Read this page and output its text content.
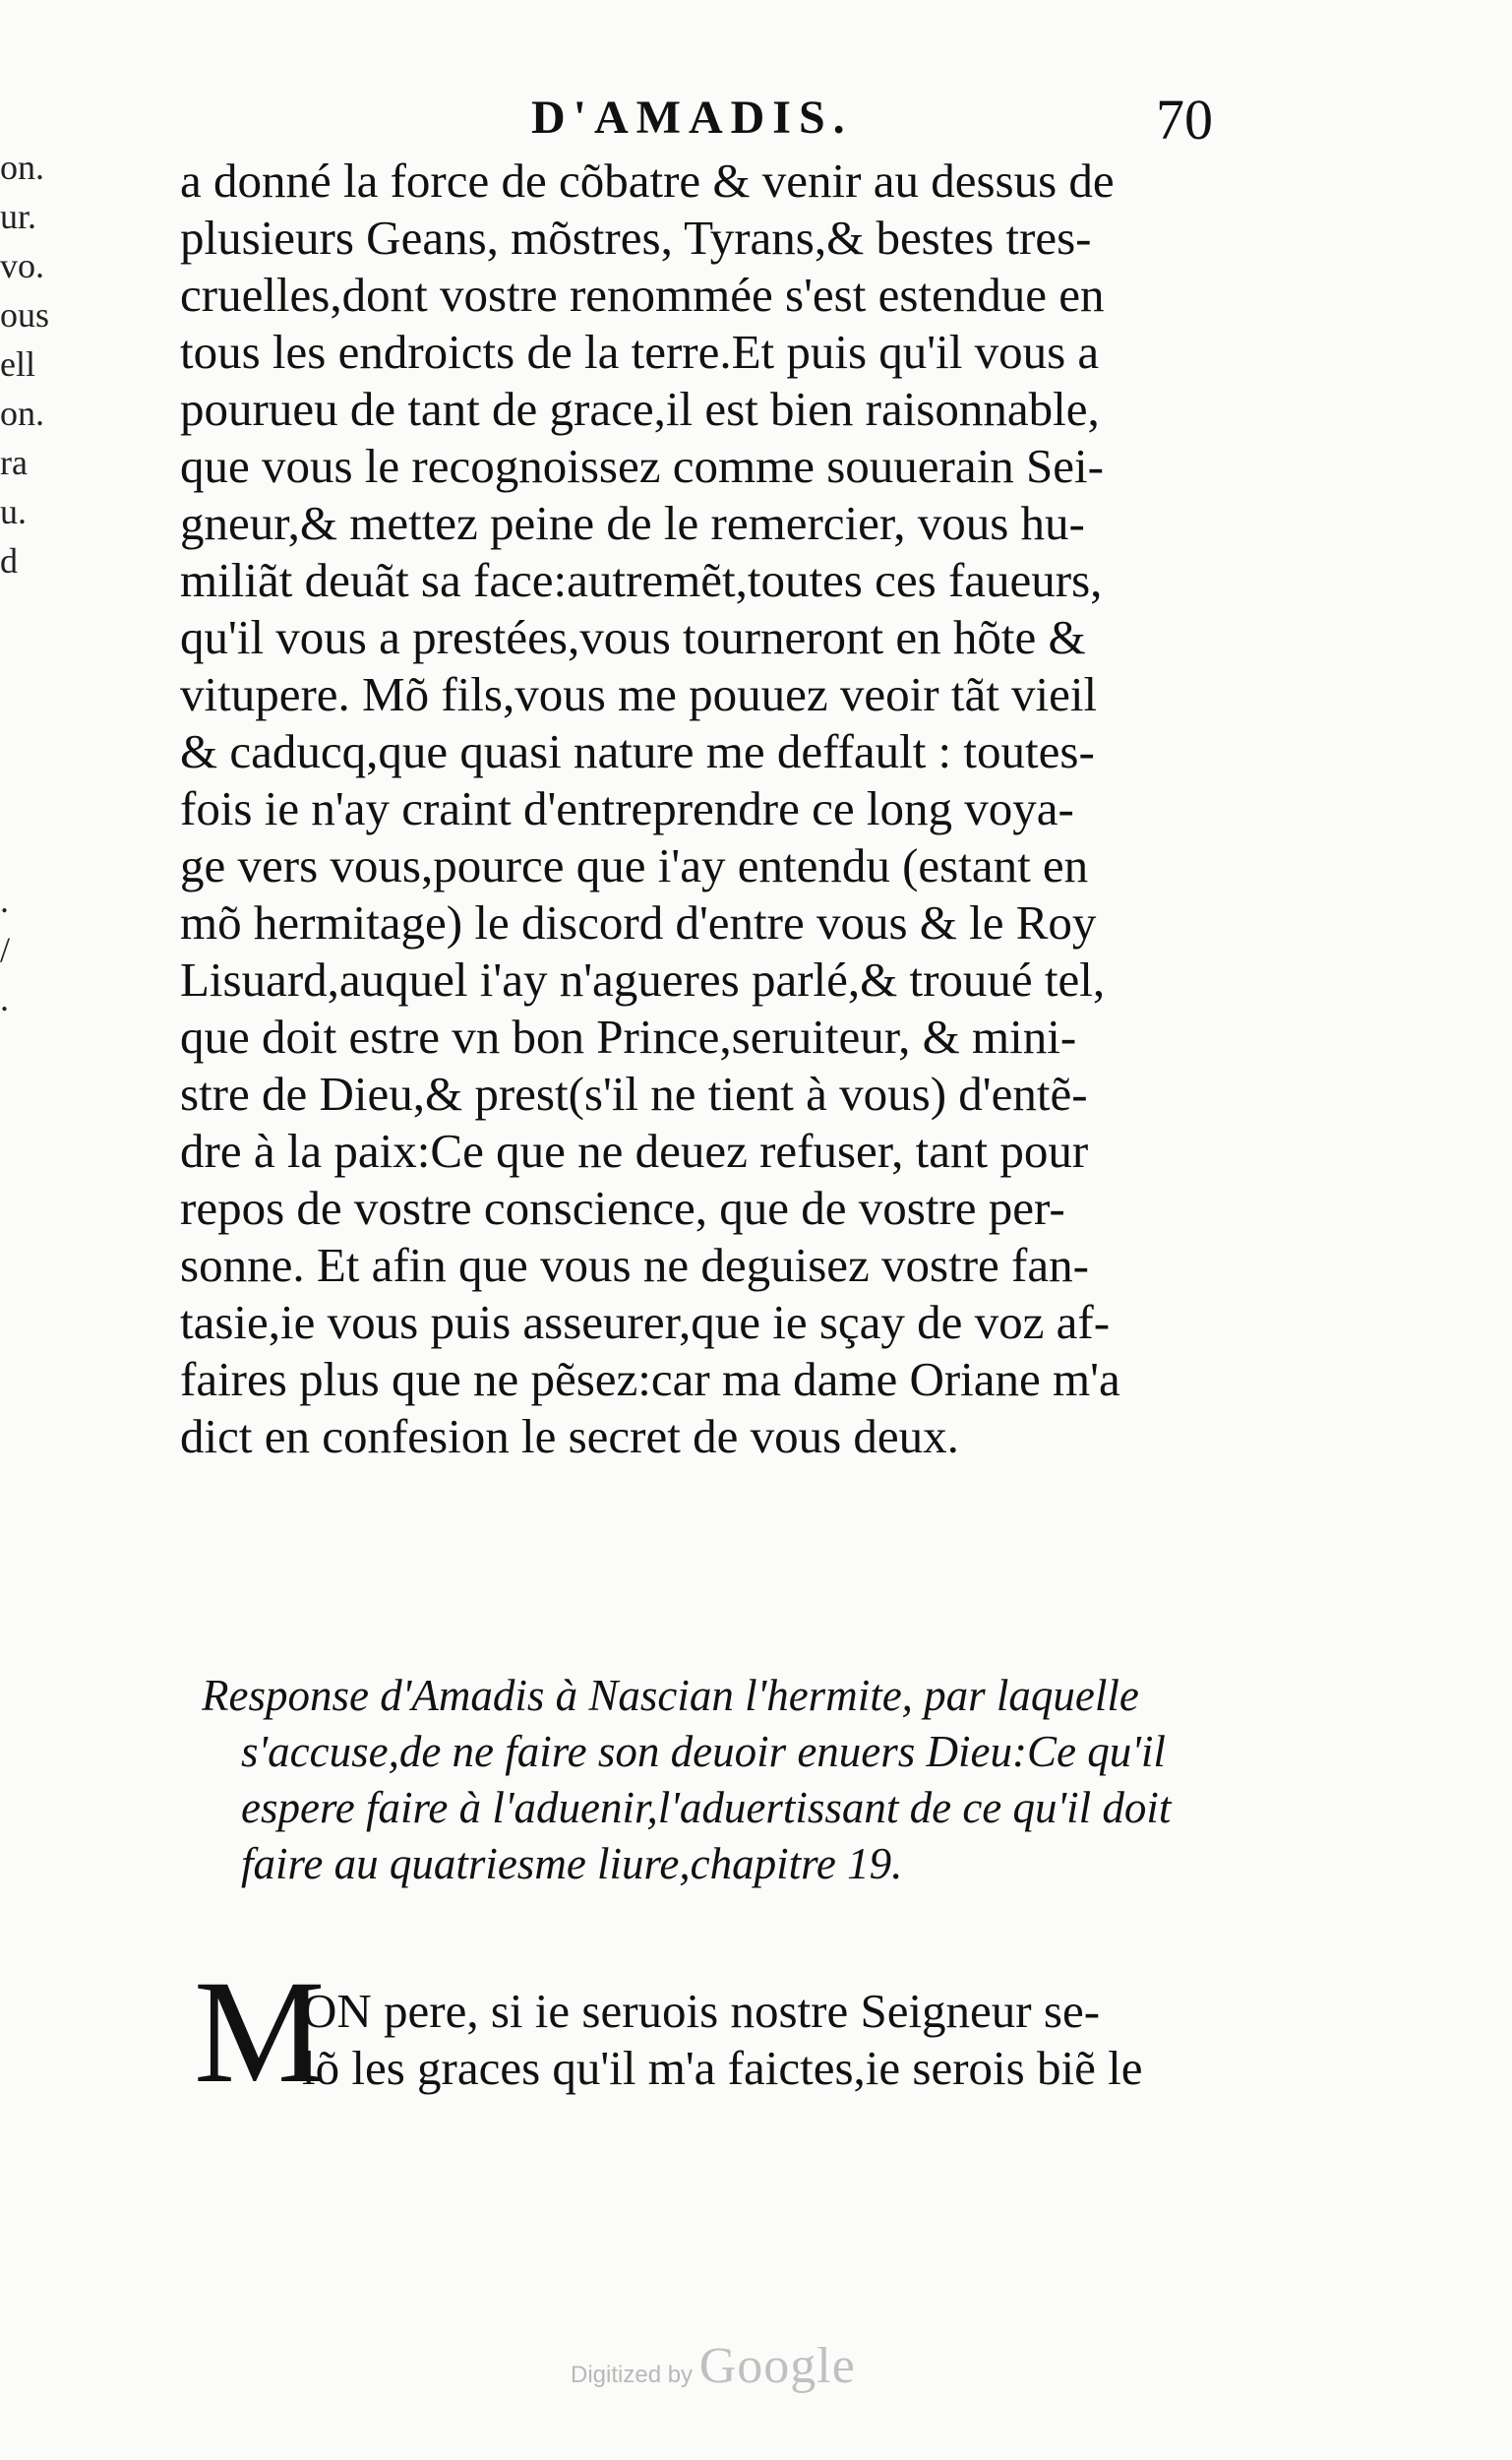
on.
ur.
vo.
ous
ell
on.
ra
u.
d
.
/
.
D'AMADIS.	70
a donné la force de cõbatre & venir au dessus de
plusieurs Geans, mõstres, Tyrans,& bestes tres-
cruelles,dont vostre renommée s'est estendue en
tous les endroicts de la terre.Et puis qu'il vous a
pourueu de tant de grace,il est bien raisonnable,
que vous le recognoissez comme souuerain Sei-
gneur,& mettez peine de le remercier, vous hu-
miliãt deuãt sa face:autremẽt,toutes ces faueurs,
qu'il vous a prestées,vous tourneront en hõte &
vitupere. Mõ fils,vous me pouuez veoir tãt vieil
& caducq,que quasi nature me deffault : toutes-
fois ie n'ay craint d'entreprendre ce long voya-
ge vers vous,pource que i'ay entendu (estant en
mõ hermitage) le discord d'entre vous & le Roy
Lisuard,auquel i'ay n'agueres parlé,& trouué tel,
que doit estre vn bon Prince,seruiteur, & mini-
stre de Dieu,& prest(s'il ne tient à vous) d'entẽ-
dre à la paix:Ce que ne deuez refuser, tant pour
repos de vostre conscience, que de vostre per-
sonne. Et afin que vous ne deguisez vostre fan-
tasie,ie vous puis asseurer,que ie sçay de voz af-
faires plus que ne pẽsez:car ma dame Oriane m'a
dict en confesion le secret de vous deux.
Response d'Amadis à Nascian l'hermite, par laquelle
s'accuse,de ne faire son deuoir enuers Dieu:Ce qu'il
espere faire à l'aduenir,l'aduertissant de ce qu'il doit
faire au quatriesme liure,chapitre 19.
M
ON pere, si ie seruois nostre Seigneur se-
lõ les graces qu'il m'a faictes,ie serois biẽ le
Digitized by Google
